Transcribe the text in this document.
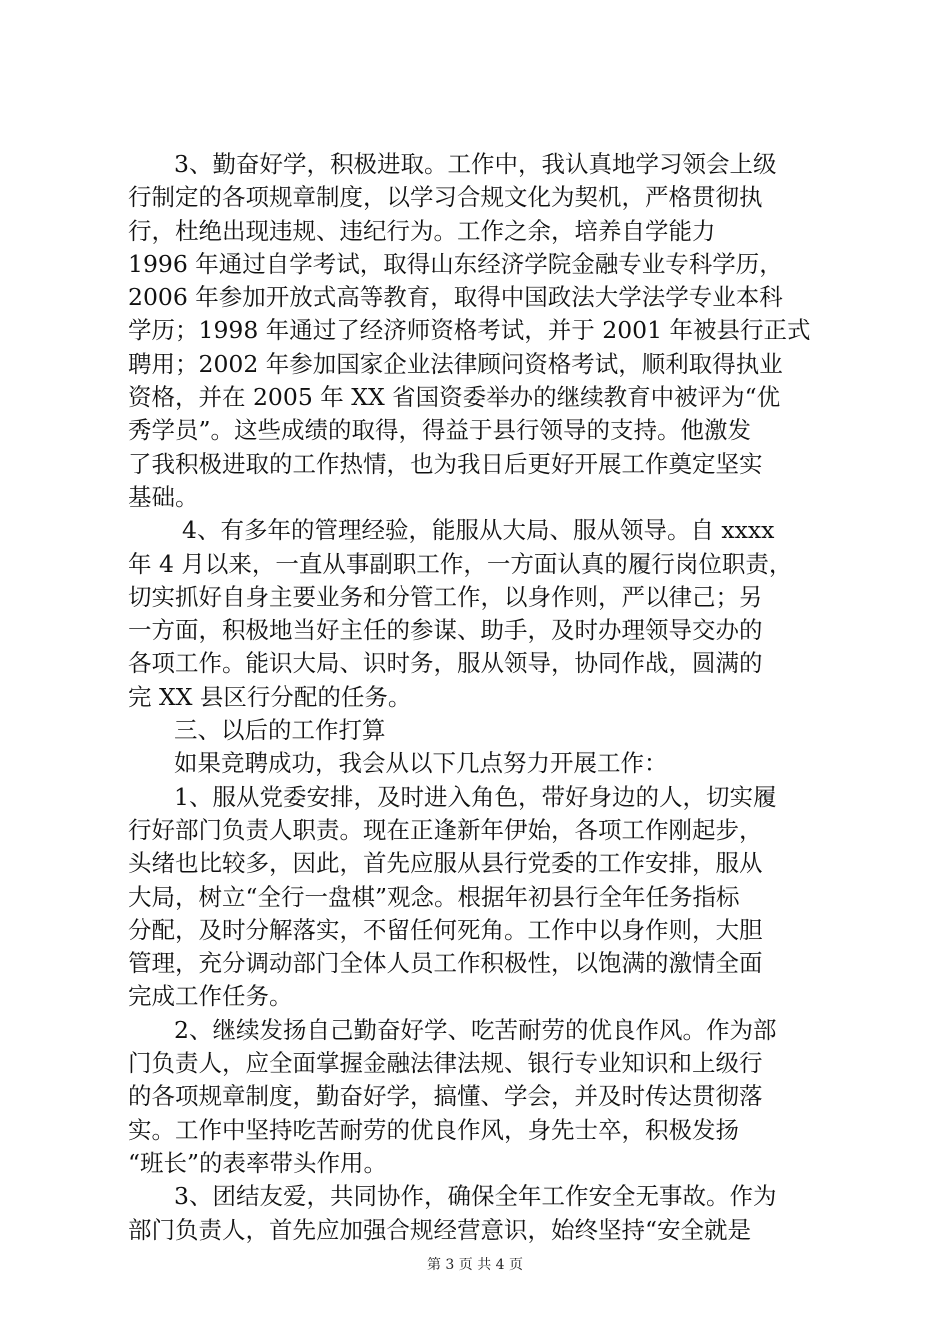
3、勤奋好学，积极进取。工作中，我认真地学习领会上级
行制定的各项规章制度，以学习合规文化为契机，严格贯彻执
行，杜绝出现违规、违纪行为。工作之余，培养自学能力
1996 年通过自学考试，取得山东经济学院金融专业专科学历，
2006 年参加开放式高等教育，取得中国政法大学法学专业本科
学历；1998 年通过了经济师资格考试，并于 2001 年被县行正式
聘用；2002 年参加国家企业法律顾问资格考试，顺利取得执业
资格，并在 2005 年 XX 省国资委举办的继续教育中被评为“优
秀学员”。这些成绩的取得，得益于县行领导的支持。他激发
了我积极进取的工作热情，也为我日后更好开展工作奠定坚实
基础。
4、有多年的管理经验，能服从大局、服从领导。自 xxxx
年 4 月以来，一直从事副职工作，一方面认真的履行岗位职责，
切实抓好自身主要业务和分管工作，以身作则，严以律己；另
一方面，积极地当好主任的参谋、助手，及时办理领导交办的
各项工作。能识大局、识时务，服从领导，协同作战，圆满的
完 XX 县区行分配的任务。
三、以后的工作打算
如果竞聘成功，我会从以下几点努力开展工作：
1、服从党委安排，及时进入角色，带好身边的人，切实履
行好部门负责人职责。现在正逢新年伊始，各项工作刚起步，
头绪也比较多，因此，首先应服从县行党委的工作安排，服从
大局，树立“全行一盘棋”观念。根据年初县行全年任务指标
分配，及时分解落实，不留任何死角。工作中以身作则，大胆
管理，充分调动部门全体人员工作积极性，以饱满的激情全面
完成工作任务。
2、继续发扬自己勤奋好学、吃苦耐劳的优良作风。作为部
门负责人，应全面掌握金融法律法规、银行专业知识和上级行
的各项规章制度，勤奋好学，搞懂、学会，并及时传达贯彻落
实。工作中坚持吃苦耐劳的优良作风，身先士卒，积极发扬
“班长”的表率带头作用。
3、团结友爱，共同协作，确保全年工作安全无事故。作为
部门负责人，首先应加强合规经营意识，始终坚持“安全就是
第 3 页 共 4 页
